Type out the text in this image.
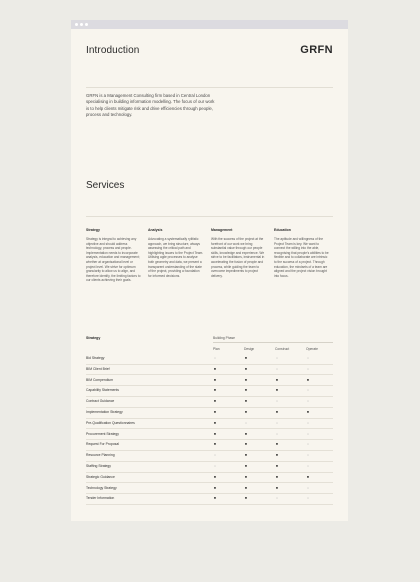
Introduction	GRFN

GRFN is a Management Consulting firm based in Central London specialising in building information modelling. The focus of our work is to help clients mitigate risk and drive efficiencies through people, process and technology.

Services
Strategy

Strategy is integral to achieving any objective and should address technology, process and people. Implementation needs to incorporate analysis, education and management; whether at organisational level or project level. We strive for optimum granularity to allow us to align, and therefore identify, the limiting factors to our clients achieving their goals.

Analysis

Advocating a systematically rylitistic approach, we bring structure, always assessing the critical path and highlighting issues to the Project Team. Utilising agile processes to analyse both geometry and data, we present a transparent understanding of the state of the project, providing a foundation for informed decisions.

Management

With the success of the project at the forefront of our work we bring substantial value through our people skills, knowledge and experience. We strive to be facilitators, instrumental in accelerating the fusion of people and process, while guiding the team to overcome impediments to project delivery.

Education

The aptitude and willingness of the Project Team is key. We want to connect the willing into the able, recognising that people's abilities to be flexible and to collaborate are intrinsic to the success of a project. Through education, the mindsets of a team are aligned and the project vision brought into focus.

Strategy	Building Phase
Plan	Design	Construct	Operate
Bid Strategy	○	●	○	○
BIM Client Brief	●	●	○	○
BIM Compendium	●	●	●	●
Capability Statements	●	●	●	○
Contract Guidance	●	●	○	○
Implementation Strategy	●	●	●	●
Pre-Qualification Questionnaires	●	○	○	○
Procurement Strategy	●	●	○	○
Request For Proposal	●	●	●	○
Resource Planning	○	●	●	○
Staffing Strategy	○	●	●	○
Strategic Guidance	●	●	●	●
Technology Strategy	●	●	●	○
Tender Information	●	●	○	○
